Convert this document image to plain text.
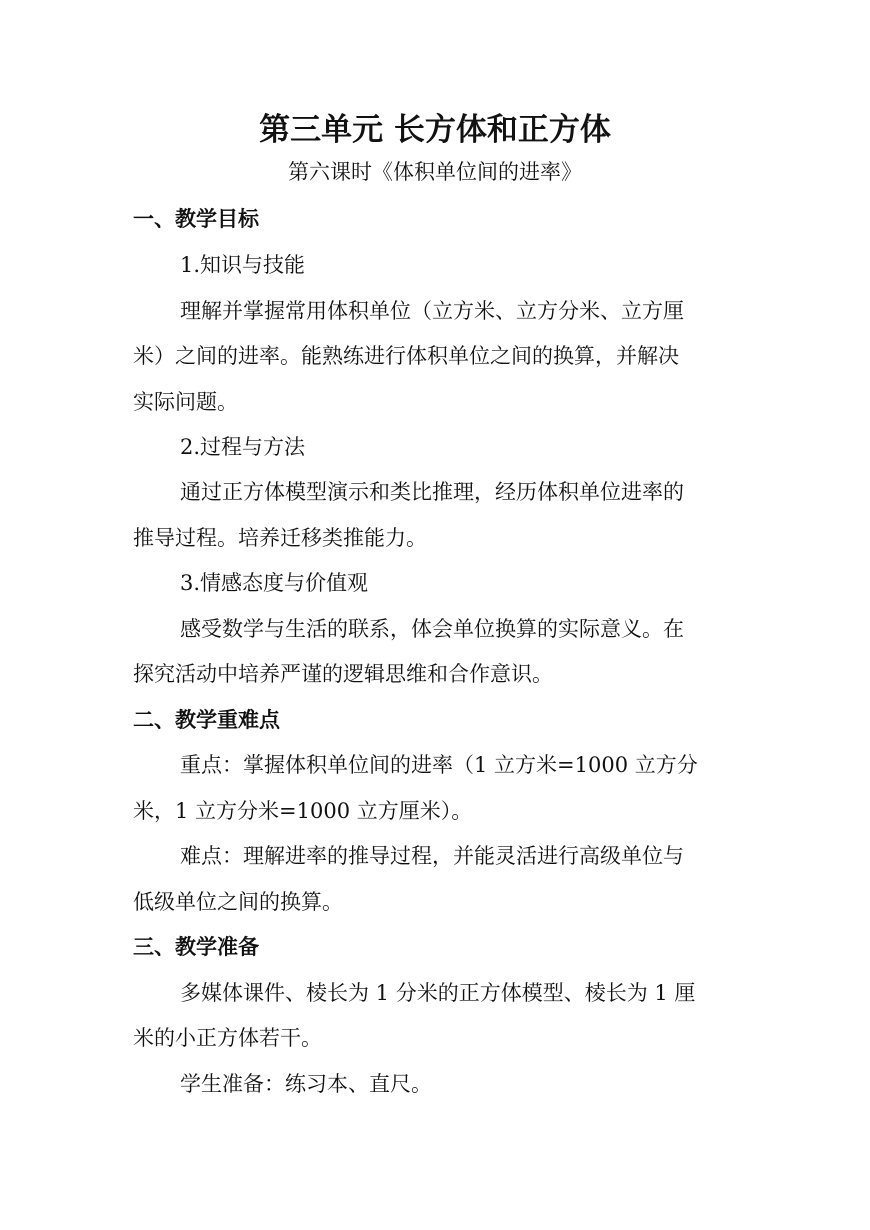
第三单元 长方体和正方体
第六课时《体积单位间的进率》
一、教学目标
1.知识与技能
理解并掌握常用体积单位（立方米、立方分米、立方厘
米）之间的进率。能熟练进行体积单位之间的换算，并解决
实际问题。
2.过程与方法
通过正方体模型演示和类比推理，经历体积单位进率的
推导过程。培养迁移类推能力。
3.情感态度与价值观
感受数学与生活的联系，体会单位换算的实际意义。在
探究活动中培养严谨的逻辑思维和合作意识。
二、教学重难点
重点：掌握体积单位间的进率（1 立方米=1000 立方分
米，1 立方分米=1000 立方厘米）。
难点：理解进率的推导过程，并能灵活进行高级单位与
低级单位之间的换算。
三、教学准备
多媒体课件、棱长为 1 分米的正方体模型、棱长为 1 厘
米的小正方体若干。
学生准备：练习本、直尺。
